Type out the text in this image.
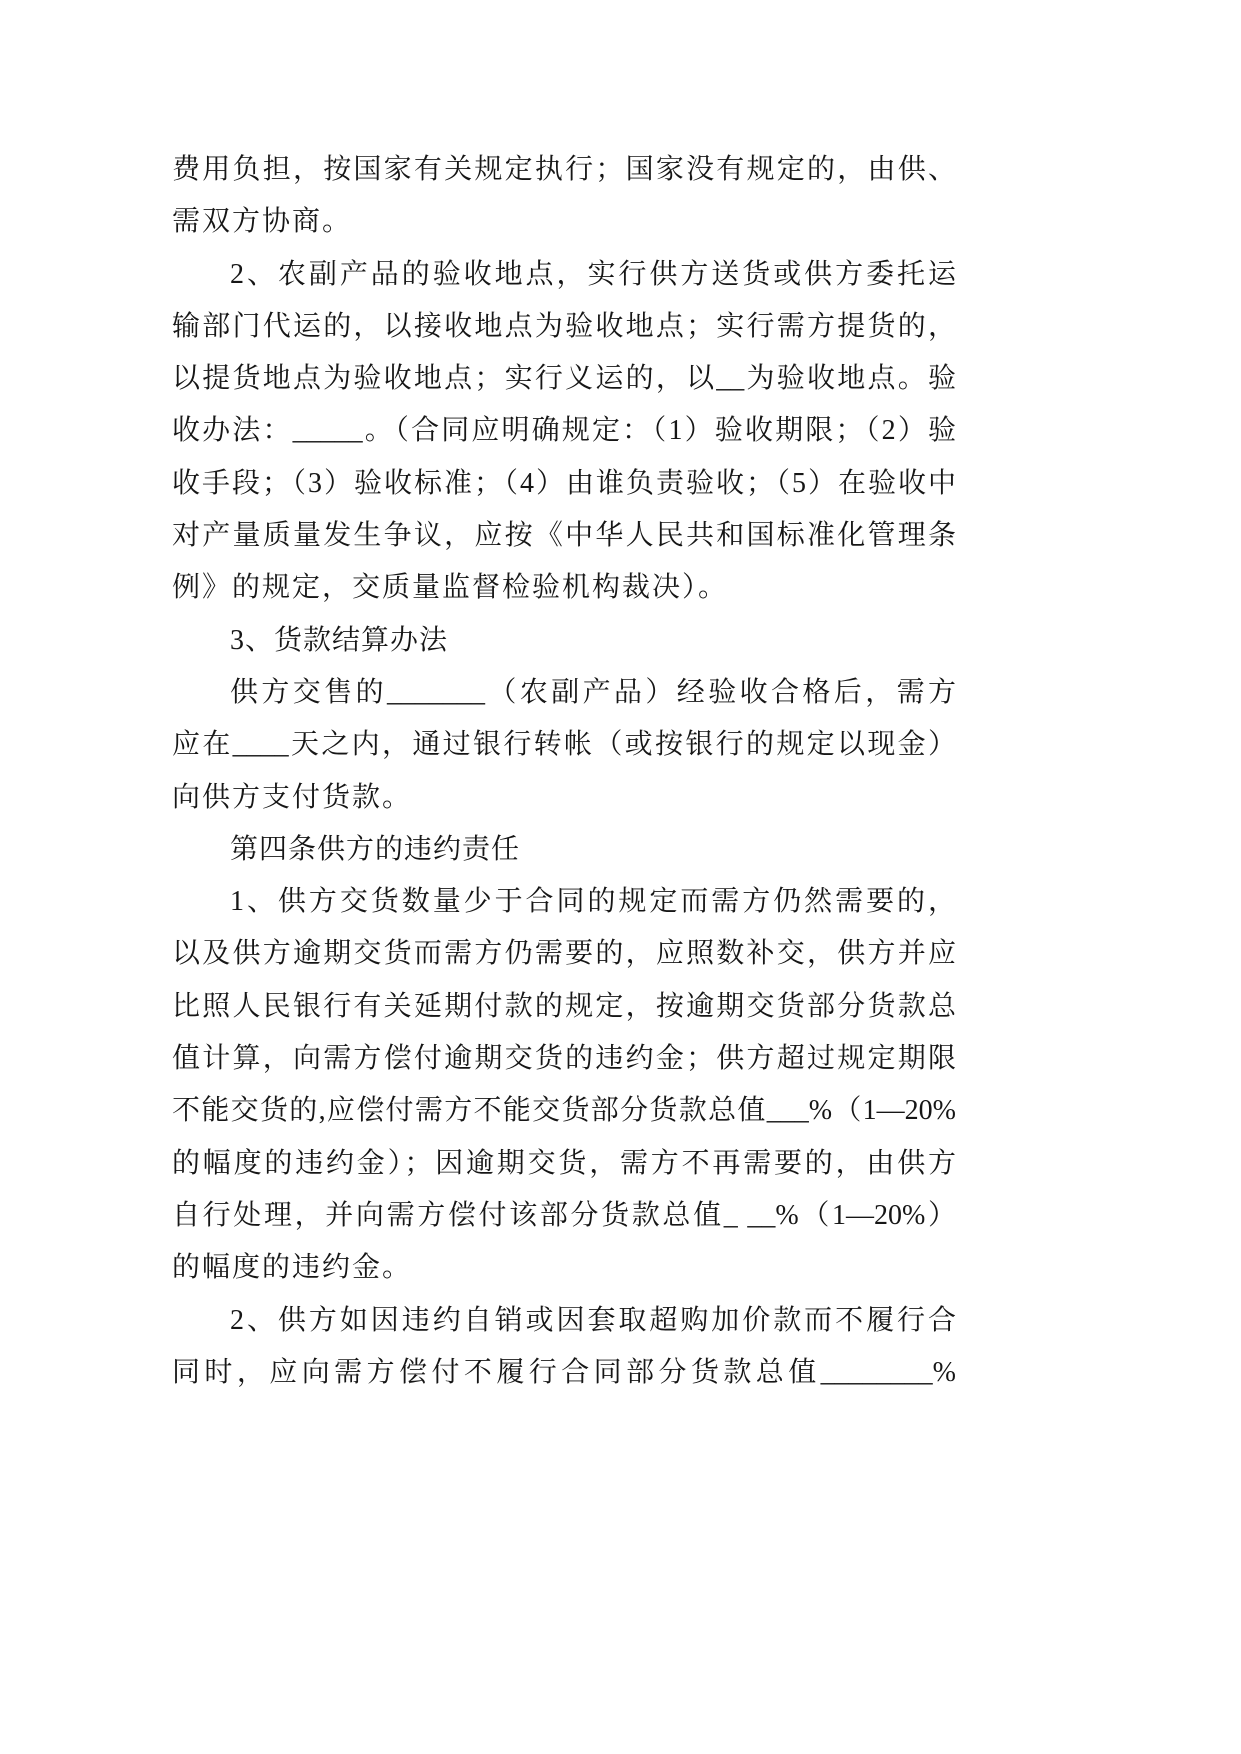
费用负担，按国家有关规定执行；国家没有规定的，由供、
需双方协商。
2、农副产品的验收地点，实行供方送货或供方委托运
输部门代运的，以接收地点为验收地点；实行需方提货的，
以提货地点为验收地点；实行义运的，以__为验收地点。验
收办法：_____。（合同应明确规定：（1）验收期限；（2）验
收手段；（3）验收标准；（4）由谁负责验收；（5）在验收中
对产量质量发生争议，应按《中华人民共和国标准化管理条
例》的规定，交质量监督检验机构裁决）。
3、货款结算办法
供方交售的_______（农副产品）经验收合格后，需方
应在____天之内，通过银行转帐（或按银行的规定以现金）
向供方支付货款。
第四条供方的违约责任
1、供方交货数量少于合同的规定而需方仍然需要的，
以及供方逾期交货而需方仍需要的，应照数补交，供方并应
比照人民银行有关延期付款的规定，按逾期交货部分货款总
值计算，向需方偿付逾期交货的违约金；供方超过规定期限
不能交货的,应偿付需方不能交货部分货款总值___%（1—20%
的幅度的违约金）；因逾期交货，需方不再需要的，由供方
自行处理，并向需方偿付该部分货款总值_ __%（1—20%）
的幅度的违约金。
2、供方如因违约自销或因套取超购加价款而不履行合
同时，应向需方偿付不履行合同部分货款总值________%
